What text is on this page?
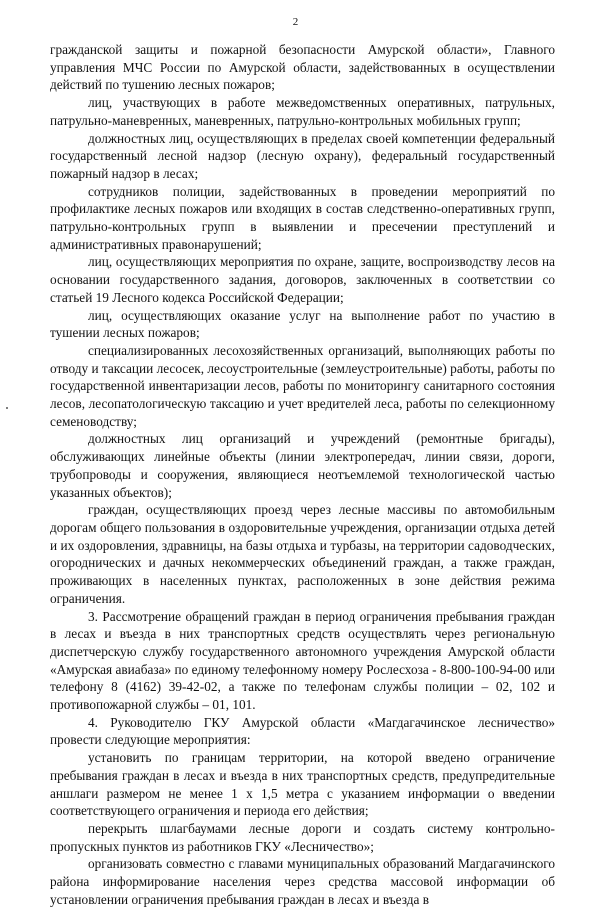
2

гражданской защиты и пожарной безопасности Амурской области», Главного управления МЧС России по Амурской области, задействованных в осуществлении действий по тушению лесных пожаров;

лиц, участвующих в работе межведомственных оперативных, патрульных, патрульно-маневренных, маневренных, патрульно-контрольных мобильных групп;

должностных лиц, осуществляющих в пределах своей компетенции федеральный государственный лесной надзор (лесную охрану), федеральный государственный пожарный надзор в лесах;

сотрудников полиции, задействованных в проведении мероприятий по профилактике лесных пожаров или входящих в состав следственно-оперативных групп, патрульно-контрольных групп в выявлении и пресечении преступлений и административных правонарушений;

лиц, осуществляющих мероприятия по охране, защите, воспроизводству лесов на основании государственного задания, договоров, заключенных в соответствии со статьей 19 Лесного кодекса Российской Федерации;

лиц, осуществляющих оказание услуг на выполнение работ по участию в тушении лесных пожаров;

специализированных лесохозяйственных организаций, выполняющих работы по отводу и таксации лесосек, лесоустроительные (землеустроительные) работы, работы по государственной инвентаризации лесов, работы по мониторингу санитарного состояния лесов, лесопатологическую таксацию и учет вредителей леса, работы по селекционному семеноводству;

должностных лиц организаций и учреждений (ремонтные бригады), обслуживающих линейные объекты (линии электропередач, линии связи, дороги, трубопроводы и сооружения, являющиеся неотъемлемой технологической частью указанных объектов);

граждан, осуществляющих проезд через лесные массивы по автомобильным дорогам общего пользования в оздоровительные учреждения, организации отдыха детей и их оздоровления, здравницы, на базы отдыха и турбазы, на территории садоводческих, огороднических и дачных некоммерческих объединений граждан, а также граждан, проживающих в населенных пунктах, расположенных в зоне действия режима ограничения.

3. Рассмотрение обращений граждан в период ограничения пребывания граждан в лесах и въезда в них транспортных средств осуществлять через региональную диспетчерскую службу государственного автономного учреждения Амурской области «Амурская авиабаза» по единому телефонному номеру Рослесхоза - 8-800-100-94-00 или телефону 8 (4162) 39-42-02, а также по телефонам службы полиции – 02, 102 и противопожарной службы – 01, 101.

4. Руководителю ГКУ Амурской области «Магдагачинское лесничество» провести следующие мероприятия:

установить по границам территории, на которой введено ограничение пребывания граждан в лесах и въезда в них транспортных средств, предупредительные аншлаги размером не менее 1 х 1,5 метра с указанием информации о введении соответствующего ограничения и периода его действия;

перекрыть шлагбаумами лесные дороги и создать систему контрольно-пропускных пунктов из работников ГКУ «Лесничество»;

организовать совместно с главами муниципальных образований Магдагачинского района информирование населения через средства массовой информации об установлении ограничения пребывания граждан в лесах и въезда в
